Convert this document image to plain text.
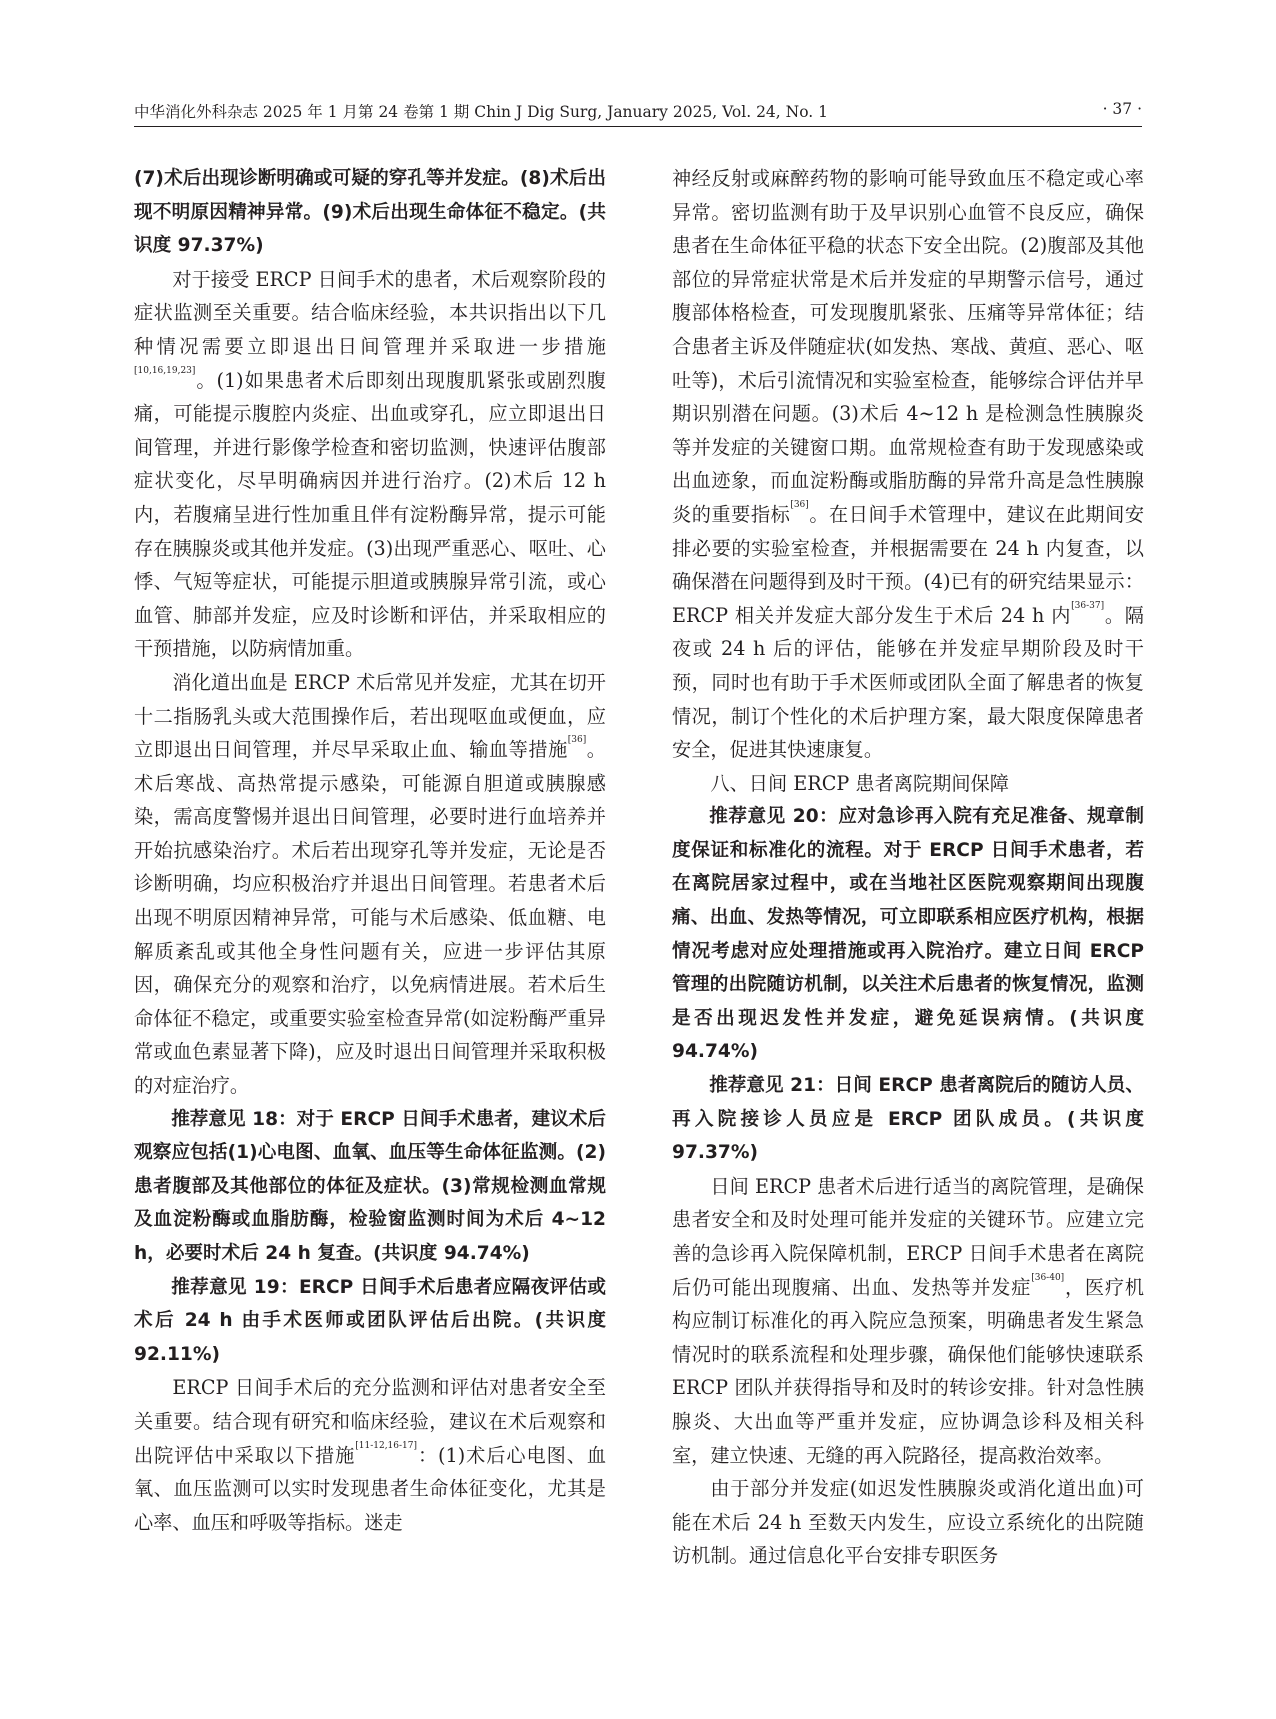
中华消化外科杂志 2025 年 1 月第 24 卷第 1 期 Chin J Dig Surg, January 2025, Vol. 24, No. 1	· 37 ·

(7)术后出现诊断明确或可疑的穿孔等并发症。(8)术后出现不明原因精神异常。(9)术后出现生命体征不稳定。(共识度 97.37%)

对于接受 ERCP 日间手术的患者，术后观察阶段的症状监测至关重要。结合临床经验，本共识指出以下几种情况需要立即退出日间管理并采取进一步措施[10,16,19,23]。(1)如果患者术后即刻出现腹肌紧张或剧烈腹痛，可能提示腹腔内炎症、出血或穿孔，应立即退出日间管理，并进行影像学检查和密切监测，快速评估腹部症状变化，尽早明确病因并进行治疗。(2)术后 12 h 内，若腹痛呈进行性加重且伴有淀粉酶异常，提示可能存在胰腺炎或其他并发症。(3)出现严重恶心、呕吐、心悸、气短等症状，可能提示胆道或胰腺异常引流，或心血管、肺部并发症，应及时诊断和评估，并采取相应的干预措施，以防病情加重。

消化道出血是 ERCP 术后常见并发症，尤其在切开十二指肠乳头或大范围操作后，若出现呕血或便血，应立即退出日间管理，并尽早采取止血、输血等措施[36]。术后寒战、高热常提示感染，可能源自胆道或胰腺感染，需高度警惕并退出日间管理，必要时进行血培养并开始抗感染治疗。术后若出现穿孔等并发症，无论是否诊断明确，均应积极治疗并退出日间管理。若患者术后出现不明原因精神异常，可能与术后感染、低血糖、电解质紊乱或其他全身性问题有关，应进一步评估其原因，确保充分的观察和治疗，以免病情进展。若术后生命体征不稳定，或重要实验室检查异常(如淀粉酶严重异常或血色素显著下降)，应及时退出日间管理并采取积极的对症治疗。

推荐意见 18：对于 ERCP 日间手术患者，建议术后观察应包括(1)心电图、血氧、血压等生命体征监测。(2)患者腹部及其他部位的体征及症状。(3)常规检测血常规及血淀粉酶或血脂肪酶，检验窗监测时间为术后 4~12 h，必要时术后 24 h 复查。(共识度 94.74%)

推荐意见 19：ERCP 日间手术后患者应隔夜评估或术后 24 h 由手术医师或团队评估后出院。(共识度 92.11%)

ERCP 日间手术后的充分监测和评估对患者安全至关重要。结合现有研究和临床经验，建议在术后观察和出院评估中采取以下措施[11-12,16-17]：(1)术后心电图、血氧、血压监测可以实时发现患者生命体征变化，尤其是心率、血压和呼吸等指标。迷走

神经反射或麻醉药物的影响可能导致血压不稳定或心率异常。密切监测有助于及早识别心血管不良反应，确保患者在生命体征平稳的状态下安全出院。(2)腹部及其他部位的异常症状常是术后并发症的早期警示信号，通过腹部体格检查，可发现腹肌紧张、压痛等异常体征；结合患者主诉及伴随症状(如发热、寒战、黄疸、恶心、呕吐等)，术后引流情况和实验室检查，能够综合评估并早期识别潜在问题。(3)术后 4~12 h 是检测急性胰腺炎等并发症的关键窗口期。血常规检查有助于发现感染或出血迹象，而血淀粉酶或脂肪酶的异常升高是急性胰腺炎的重要指标[36]。在日间手术管理中，建议在此期间安排必要的实验室检查，并根据需要在 24 h 内复查，以确保潜在问题得到及时干预。(4)已有的研究结果显示：ERCP 相关并发症大部分发生于术后 24 h 内[36-37]。隔夜或 24 h 后的评估，能够在并发症早期阶段及时干预，同时也有助于手术医师或团队全面了解患者的恢复情况，制订个性化的术后护理方案，最大限度保障患者安全，促进其快速康复。

八、日间 ERCP 患者离院期间保障

推荐意见 20：应对急诊再入院有充足准备、规章制度保证和标准化的流程。对于 ERCP 日间手术患者，若在离院居家过程中，或在当地社区医院观察期间出现腹痛、出血、发热等情况，可立即联系相应医疗机构，根据情况考虑对应处理措施或再入院治疗。建立日间 ERCP 管理的出院随访机制，以关注术后患者的恢复情况，监测是否出现迟发性并发症，避免延误病情。(共识度 94.74%)

推荐意见 21：日间 ERCP 患者离院后的随访人员、再入院接诊人员应是 ERCP 团队成员。(共识度 97.37%)

日间 ERCP 患者术后进行适当的离院管理，是确保患者安全和及时处理可能并发症的关键环节。应建立完善的急诊再入院保障机制，ERCP 日间手术患者在离院后仍可能出现腹痛、出血、发热等并发症[36-40]，医疗机构应制订标准化的再入院应急预案，明确患者发生紧急情况时的联系流程和处理步骤，确保他们能够快速联系 ERCP 团队并获得指导和及时的转诊安排。针对急性胰腺炎、大出血等严重并发症，应协调急诊科及相关科室，建立快速、无缝的再入院路径，提高救治效率。

由于部分并发症(如迟发性胰腺炎或消化道出血)可能在术后 24 h 至数天内发生，应设立系统化的出院随访机制。通过信息化平台安排专职医务
